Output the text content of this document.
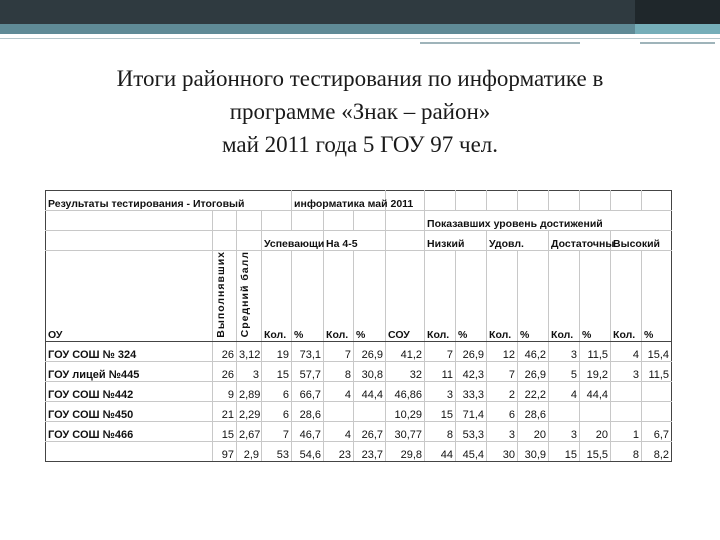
Итоги районного тестирования по информатике в
программе «Знак – район»
май 2011 года 5 ГОУ 97 чел.
Результаты тестирования - Итоговый				информатика май 2011											
								Показавших уровень достижений							
			Успевающи		На 4-5			Низкий		Удовл.		Достаточны		Высокий	
ОУ	Выполнявших	Средний балл	Кол.	%	Кол.	%	СОУ	Кол.	%	Кол.	%	Кол.	%	Кол.	%
ГОУ СОШ № 324	26	3,12	19	73,1	7	26,9	41,2	7	26,9	12	46,2	3	11,5	4	15,4
ГОУ лицей №445	26	3	15	57,7	8	30,8	32	11	42,3	7	26,9	5	19,2	3	11,5
ГОУ СОШ №442	9	2,89	6	66,7	4	44,4	46,86	3	33,3	2	22,2	4	44,4		
ГОУ СОШ №450	21	2,29	6	28,6			10,29	15	71,4	6	28,6				
ГОУ СОШ №466	15	2,67	7	46,7	4	26,7	30,77	8	53,3	3	20	3	20	1	6,7
	97	2,9	53	54,6	23	23,7	29,8	44	45,4	30	30,9	15	15,5	8	8,2
